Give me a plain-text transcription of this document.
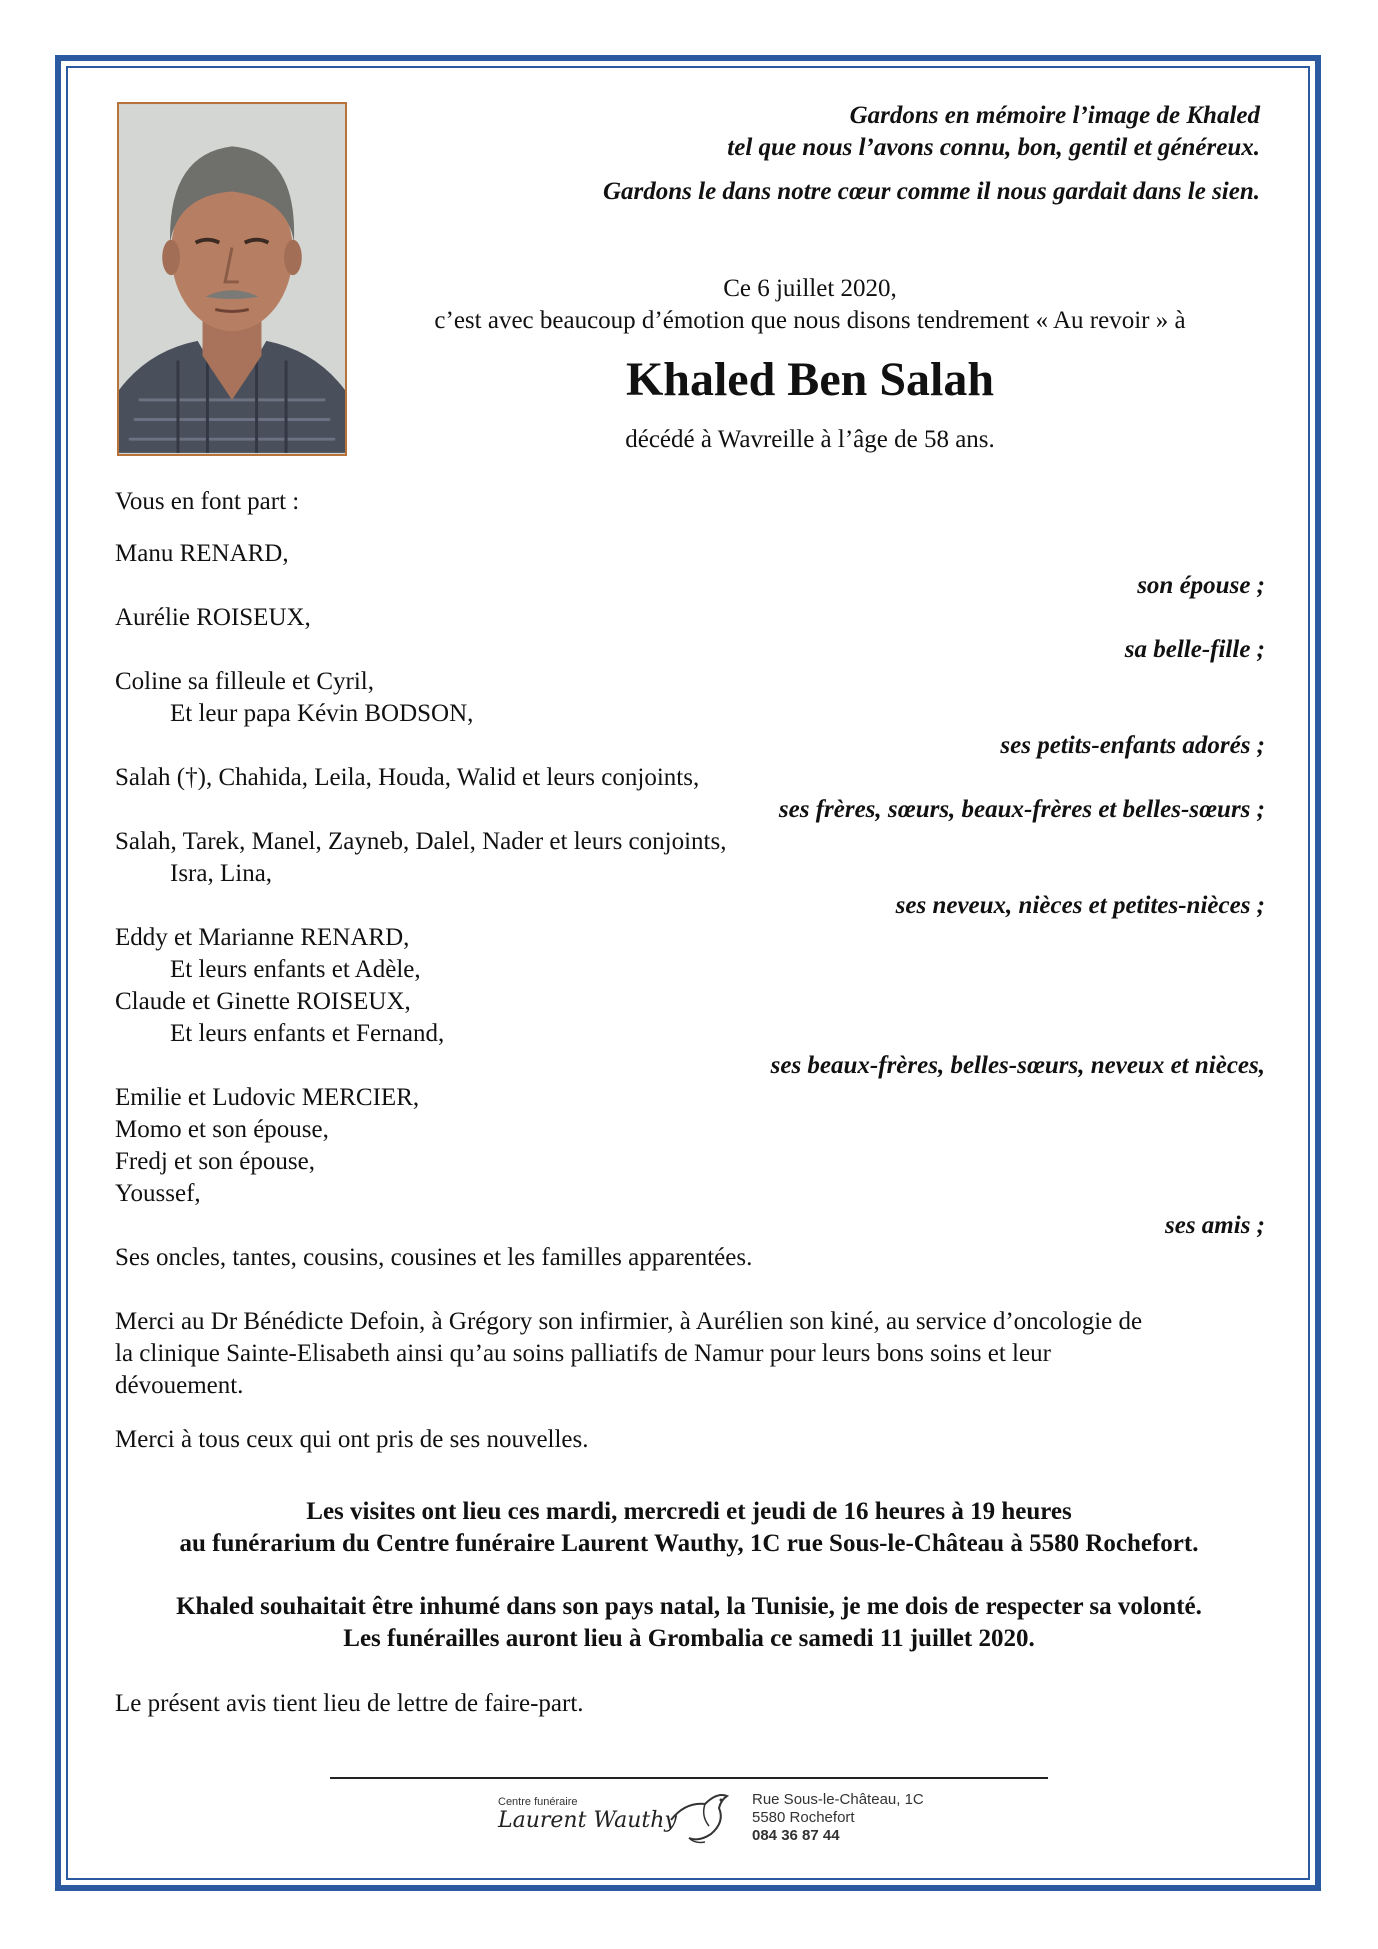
Gardons en mémoire l’image de Khaled
tel que nous l’avons connu, bon, gentil et généreux.
Gardons le dans notre cœur comme il nous gardait dans le sien.
Ce 6 juillet 2020,
c’est avec beaucoup d’émotion que nous disons tendrement « Au revoir » à
Khaled Ben Salah
décédé à Wavreille à l’âge de 58 ans.
Vous en font part :
Manu RENARD,
son épouse ;
Aurélie ROISEUX,
sa belle-fille ;
Coline sa filleule et Cyril,
Et leur papa Kévin BODSON,
ses petits-enfants adorés ;
Salah (†), Chahida, Leila, Houda, Walid et leurs conjoints,
ses frères, sœurs, beaux-frères et belles-sœurs ;
Salah, Tarek, Manel, Zayneb, Dalel, Nader et leurs conjoints,
Isra, Lina,
ses neveux, nièces et petites-nièces ;
Eddy et Marianne RENARD,
Et leurs enfants et Adèle,
Claude et Ginette ROISEUX,
Et leurs enfants et Fernand,
ses beaux-frères, belles-sœurs, neveux et nièces,
Emilie et Ludovic MERCIER,
Momo et son épouse,
Fredj et son épouse,
Youssef,
ses amis ;
Ses oncles, tantes, cousins, cousines et les familles apparentées.
Merci au Dr Bénédicte Defoin, à Grégory son infirmier, à Aurélien son kiné, au service d’oncologie de
la clinique Sainte-Elisabeth ainsi qu’au soins palliatifs de Namur pour leurs bons soins et leur
dévouement.
Merci à tous ceux qui ont pris de ses nouvelles.
Les visites ont lieu ces mardi, mercredi et jeudi de 16 heures à 19 heures
au funérarium du Centre funéraire Laurent Wauthy, 1C rue Sous-le-Château à 5580 Rochefort.
Khaled souhaitait être inhumé dans son pays natal, la Tunisie, je me dois de respecter sa volonté.
Les funérailles auront lieu à Grombalia ce samedi 11 juillet 2020.
Le présent avis tient lieu de lettre de faire-part.
Centre funéraire
Laurent Wauthy
Rue Sous-le-Château, 1C
5580 Rochefort
084 36 87 44
